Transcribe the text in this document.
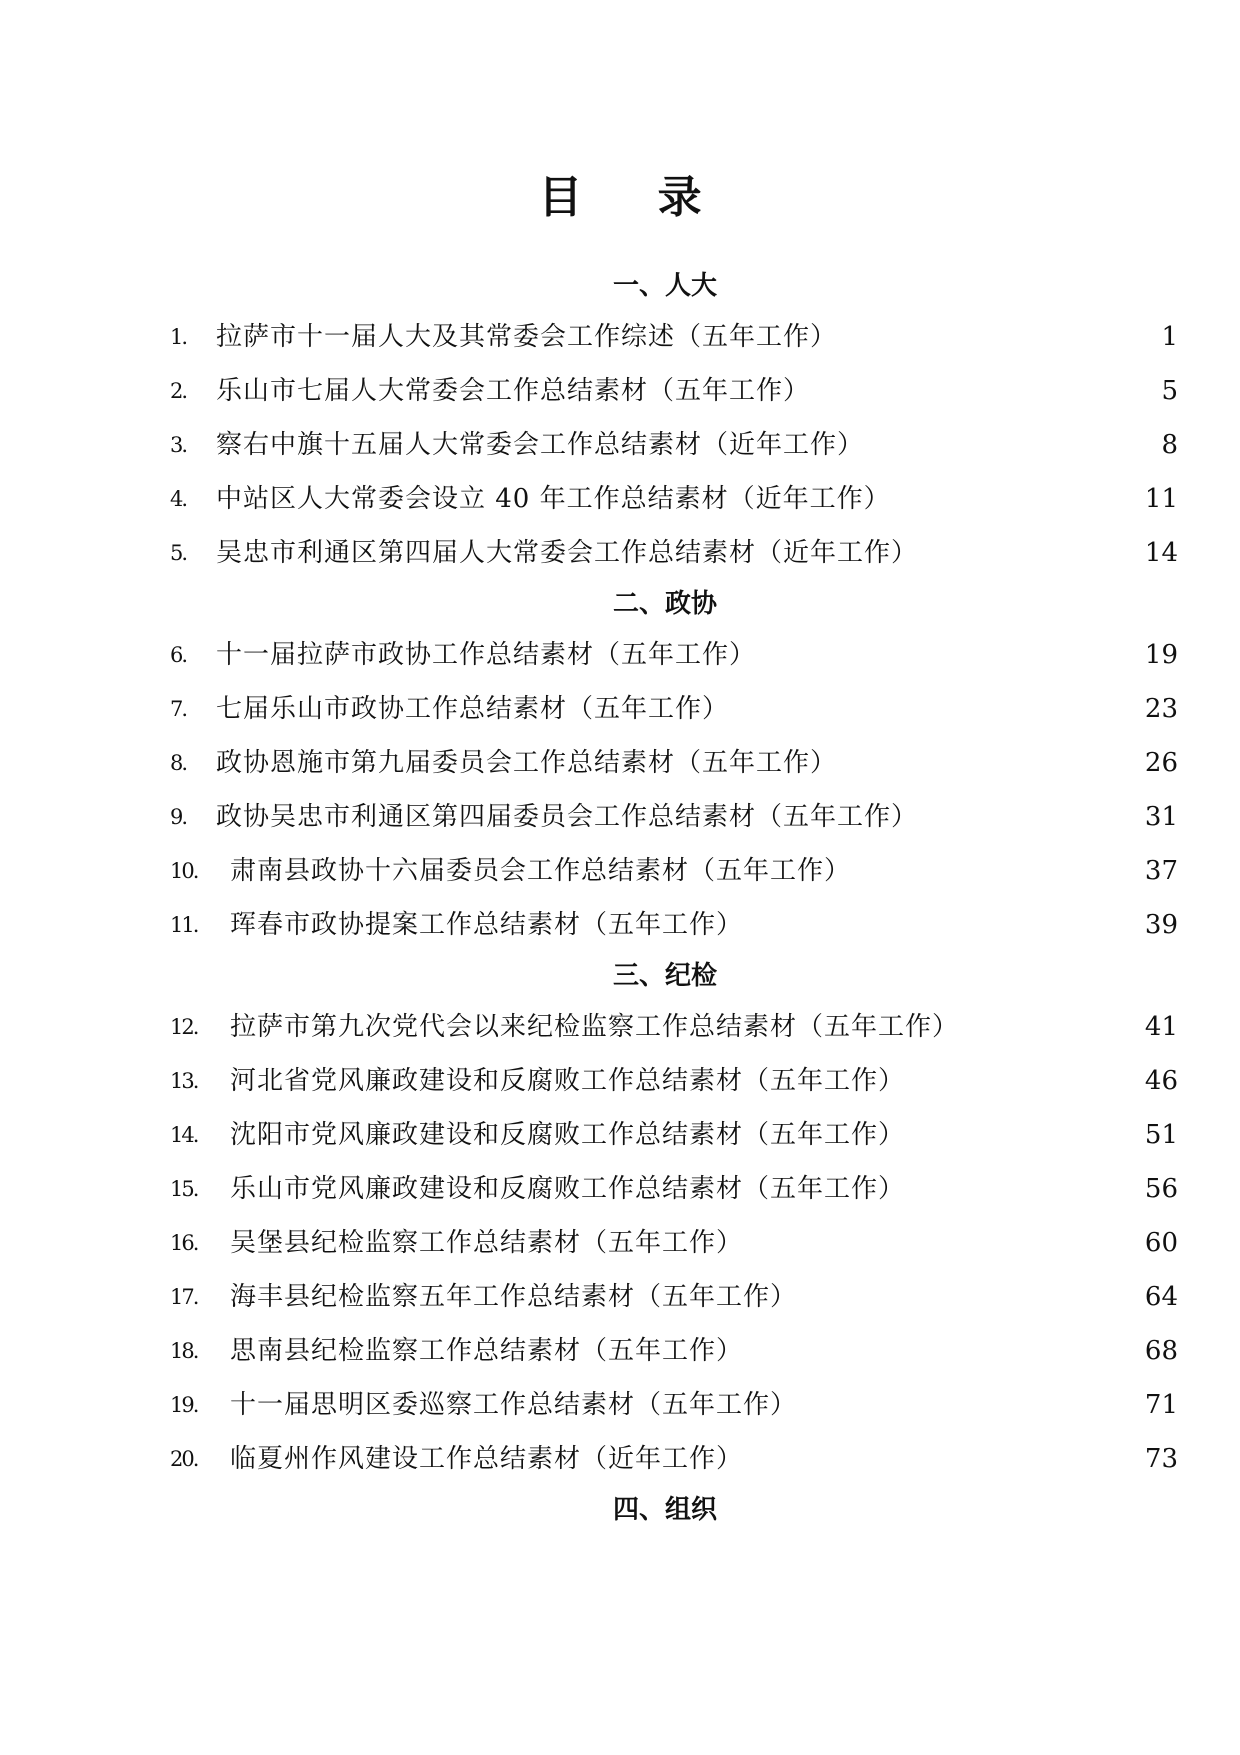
目 录
一、人大
1. 拉萨市十一届人大及其常委会工作综述（五年工作）	1
2. 乐山市七届人大常委会工作总结素材（五年工作）	5
3. 察右中旗十五届人大常委会工作总结素材（近年工作）	8
4. 中站区人大常委会设立 40 年工作总结素材（近年工作）	11
5. 吴忠市利通区第四届人大常委会工作总结素材（近年工作）	14
二、政协
6. 十一届拉萨市政协工作总结素材（五年工作）	19
7. 七届乐山市政协工作总结素材（五年工作）	23
8. 政协恩施市第九届委员会工作总结素材（五年工作）	26
9. 政协吴忠市利通区第四届委员会工作总结素材（五年工作）	31
10. 肃南县政协十六届委员会工作总结素材（五年工作）	37
11. 珲春市政协提案工作总结素材（五年工作）	39
三、纪检
12. 拉萨市第九次党代会以来纪检监察工作总结素材（五年工作）	41
13. 河北省党风廉政建设和反腐败工作总结素材（五年工作）	46
14. 沈阳市党风廉政建设和反腐败工作总结素材（五年工作）	51
15. 乐山市党风廉政建设和反腐败工作总结素材（五年工作）	56
16. 吴堡县纪检监察工作总结素材（五年工作）	60
17. 海丰县纪检监察五年工作总结素材（五年工作）	64
18. 思南县纪检监察工作总结素材（五年工作）	68
19. 十一届思明区委巡察工作总结素材（五年工作）	71
20. 临夏州作风建设工作总结素材（近年工作）	73
四、组织
